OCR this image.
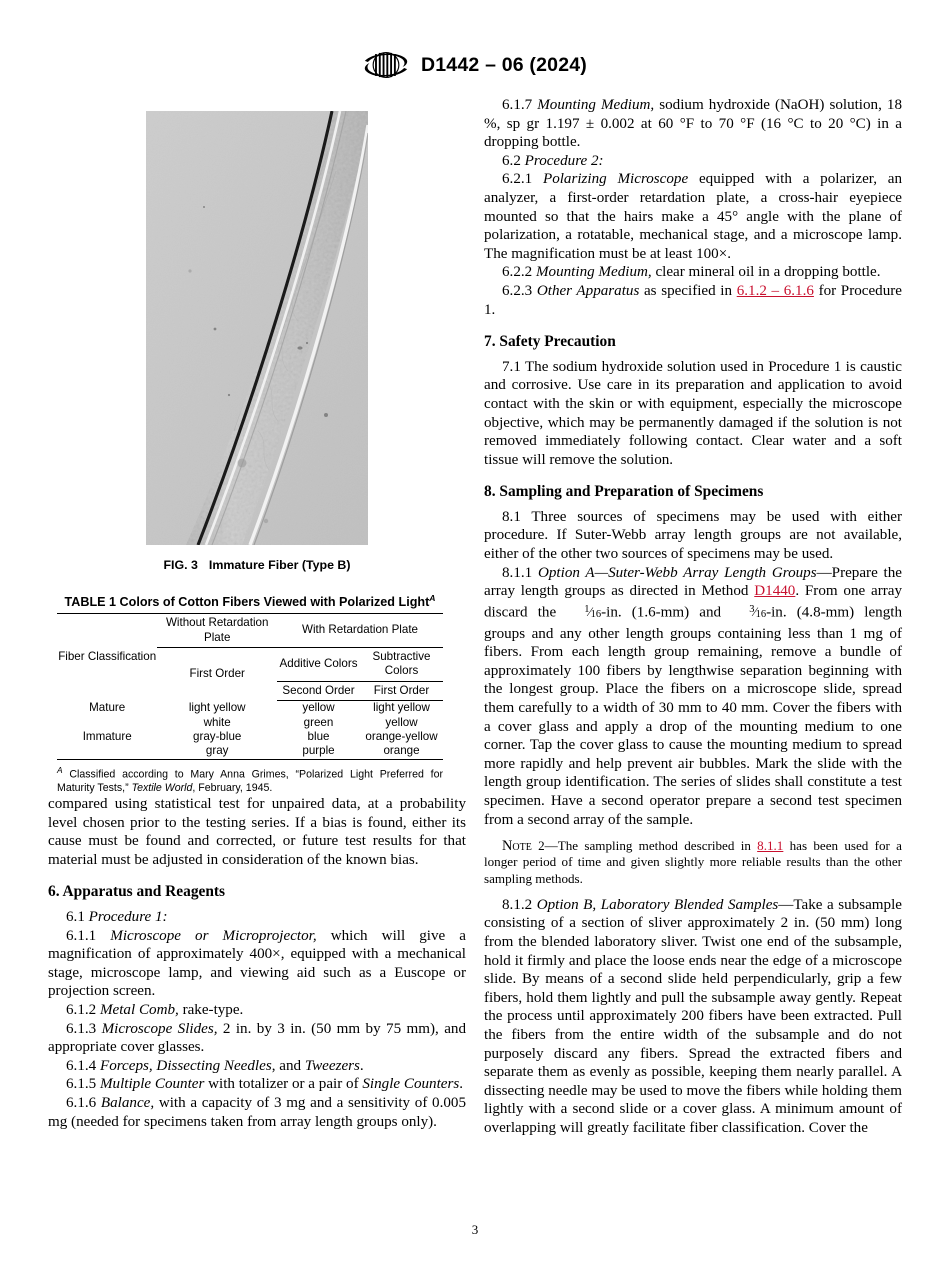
D1442 – 06 (2024)
FIG. 3 Immature Fiber (Type B)
TABLE 1 Colors of Cotton Fibers Viewed with Polarized Light$^A$
Fiber Classification	Without Retardation Plate	With Retardation Plate	
	First Order	Additive Colors	Subtractive Colors
		Second Order	First Order
Mature	light yellow	yellow	light yellow
	white	green	yellow
Immature	gray-blue	blue	orange-yellow
	gray	purple	orange
$^A$ Classified according to Mary Anna Grimes, “Polarized Light Preferred for Maturity Tests,” Textile World, February, 1945.

compared using statistical test for unpaired data, at a probability level chosen prior to the testing series. If a bias is found, either its cause must be found and corrected, or future test results for that material must be adjusted in consideration of the known bias.

6. Apparatus and Reagents

6.1 Procedure 1:

6.1.1 Microscope or Microprojector, which will give a magnification of approximately 400×, equipped with a mechanical stage, microscope lamp, and viewing aid such as a Euscope or projection screen.

6.1.2 Metal Comb, rake-type.

6.1.3 Microscope Slides, 2 in. by 3 in. (50 mm by 75 mm), and appropriate cover glasses.

6.1.4 Forceps, Dissecting Needles, and Tweezers.

6.1.5 Multiple Counter with totalizer or a pair of Single Counters.

6.1.6 Balance, with a capacity of 3 mg and a sensitivity of 0.005 mg (needed for specimens taken from array length groups only).

6.1.7 Mounting Medium, sodium hydroxide (NaOH) solution, 18 %, sp gr 1.197 ± 0.002 at 60 °F to 70 °F (16 °C to 20 °C) in a dropping bottle.

6.2 Procedure 2:

6.2.1 Polarizing Microscope equipped with a polarizer, an analyzer, a first-order retardation plate, a cross-hair eyepiece mounted so that the hairs make a 45° angle with the plane of polarization, a rotatable, mechanical stage, and a microscope lamp. The magnification must be at least 100×.

6.2.2 Mounting Medium, clear mineral oil in a dropping bottle.

6.2.3 Other Apparatus as specified in 6.1.2 – 6.1.6 for Procedure 1.

7. Safety Precaution

7.1 The sodium hydroxide solution used in Procedure 1 is caustic and corrosive. Use care in its preparation and application to avoid contact with the skin or with equipment, especially the microscope objective, which may be permanently damaged if the solution is not removed immediately following contact. Clear water and a soft tissue will remove the solution.

8. Sampling and Preparation of Specimens

8.1 Three sources of specimens may be used with either procedure. If Suter-Webb array length groups are not available, either of the other two sources of specimens may be used.

8.1.1 Option A—Suter-Webb Array Length Groups—Prepare the array length groups as directed in Method D1440. From one array discard the $^1$⁄16-in. (1.6-mm) and $^3$⁄16-in. (4.8-mm) length groups and any other length groups containing less than 1 mg of fibers. From each length group remaining, remove a bundle of approximately 100 fibers by lengthwise separation beginning with the longest group. Place the fibers on a microscope slide, spread them carefully to a width of 30 mm to 40 mm. Cover the fibers with a cover glass and apply a drop of the mounting medium to one corner. Tap the cover glass to cause the mounting medium to spread more rapidly and help prevent air bubbles. Mark the slide with the length group identification. The series of slides shall constitute a test specimen. Have a second operator prepare a second test specimen from a second array of the sample.

Note 2—The sampling method described in 8.1.1 has been used for a longer period of time and given slightly more reliable results than the other sampling methods.

8.1.2 Option B, Laboratory Blended Samples—Take a subsample consisting of a section of sliver approximately 2 in. (50 mm) long from the blended laboratory sliver. Twist one end of the subsample, hold it firmly and place the loose ends near the edge of a microscope slide. By means of a second slide held perpendicularly, grip a few fibers, hold them lightly and pull the subsample away gently. Repeat the process until approximately 200 fibers have been extracted. Pull the fibers from the entire width of the subsample and do not purposely discard any fibers. Spread the extracted fibers and separate them as evenly as possible, keeping them nearly parallel. A dissecting needle may be used to move the fibers while holding them lightly with a second slide or a cover glass. A minimum amount of overlapping will greatly facilitate fiber classification. Cover the

3
